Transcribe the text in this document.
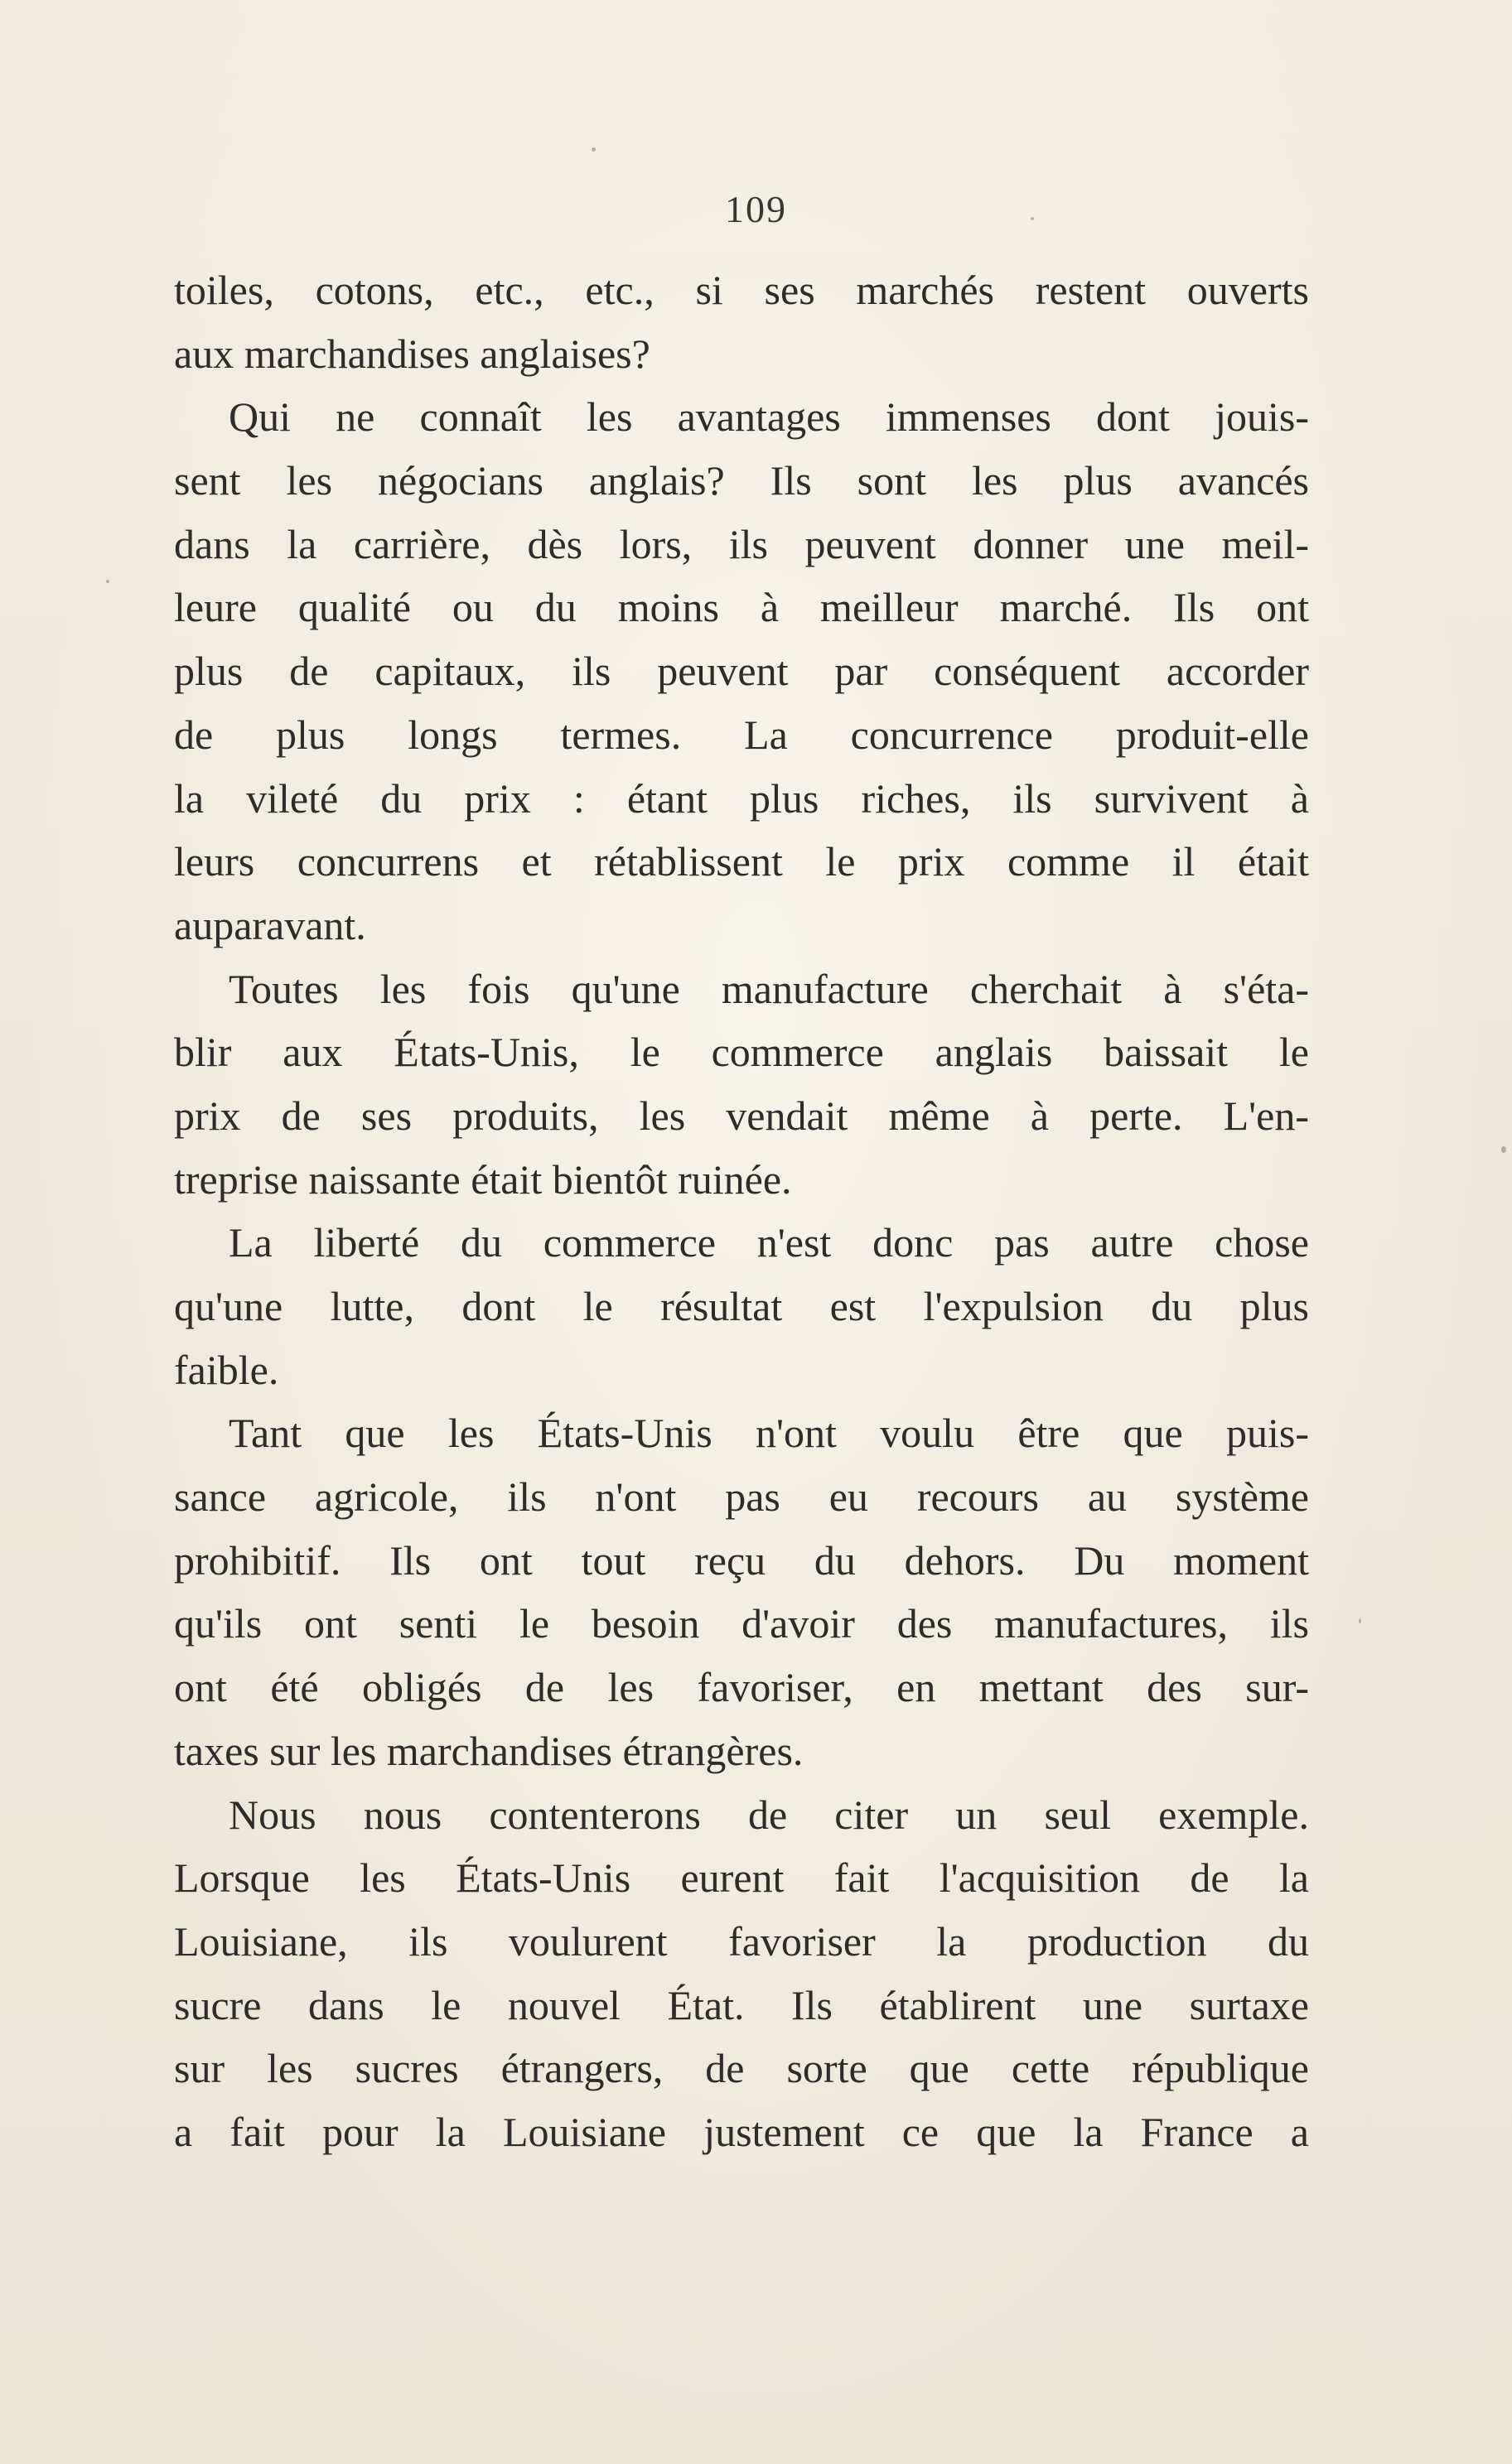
109
toiles, cotons, etc., etc., si ses marchés restent ouverts
aux marchandises anglaises?
Qui ne connaît les avantages immenses dont jouis-
sent les négocians anglais? Ils sont les plus avancés
dans la carrière, dès lors, ils peuvent donner une meil-
leure qualité ou du moins à meilleur marché. Ils ont
plus de capitaux, ils peuvent par conséquent accorder
de plus longs termes. La concurrence produit-elle
la vileté du prix : étant plus riches, ils survivent à
leurs concurrens et rétablissent le prix comme il était
auparavant.
Toutes les fois qu'une manufacture cherchait à s'éta-
blir aux États-Unis, le commerce anglais baissait le
prix de ses produits, les vendait même à perte. L'en-
treprise naissante était bientôt ruinée.
La liberté du commerce n'est donc pas autre chose
qu'une lutte, dont le résultat est l'expulsion du plus
faible.
Tant que les États-Unis n'ont voulu être que puis-
sance agricole, ils n'ont pas eu recours au système
prohibitif. Ils ont tout reçu du dehors. Du moment
qu'ils ont senti le besoin d'avoir des manufactures, ils
ont été obligés de les favoriser, en mettant des sur-
taxes sur les marchandises étrangères.
Nous nous contenterons de citer un seul exemple.
Lorsque les États-Unis eurent fait l'acquisition de la
Louisiane, ils voulurent favoriser la production du
sucre dans le nouvel État. Ils établirent une surtaxe
sur les sucres étrangers, de sorte que cette république
a fait pour la Louisiane justement ce que la France a
